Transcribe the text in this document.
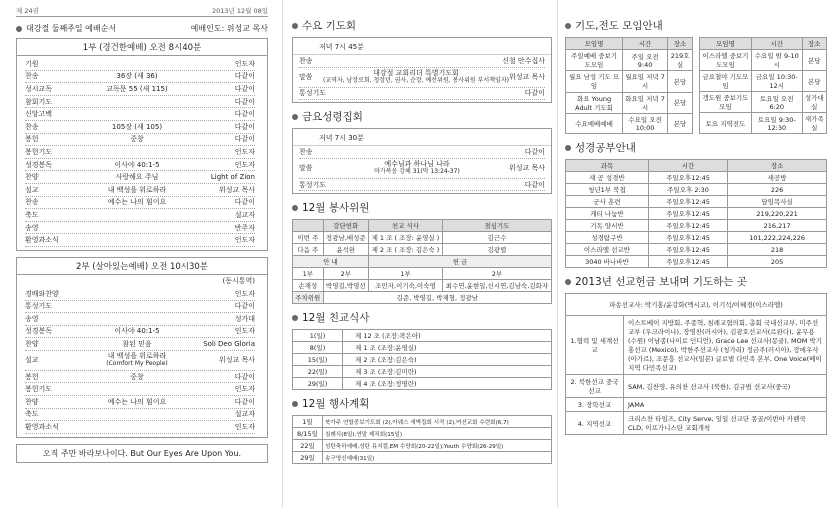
제 24권	2013년 12월 08일
대강절 둘째주일 예배순서	예배인도: 위성교 목사
1부 (경건한예배) 오전 8시40분
기원	인도자
찬송	36장 (새 36)	다같이
성시교독	교독문 55 (새 115)	다같이
참회기도	다같이
신앙고백	다같이
찬송	105장 (새 105)	다같이
봉헌	중창	다같이
봉헌기도	인도자
성경봉독	이사야 40:1-5	인도자
찬양	사랑해요 주님	Light of Zion
설교	내 백성을 위로하라	위성교 목사
찬송	예수는 나의 힘이요	다같이
축도	설교자
송영	반주자
환영과소식	인도자
2부 (살아있는예배) 오전 10시30분
(동시통역)
경배와찬양	인도자
통성기도	다같이
송영	성가대
성경봉독	이사야 40:1-5	인도자
찬양	참된 믿음	Soli Deo Gloria
설교	내 백성을 위로하라
(Comfort My People)	위성교 목사
봉헌	중창	다같이
봉헌기도	인도자
찬양	예수는 나의 힘이요	다같이
축도	설교자
환영과소식	인도자
오직 주만 바라보나이다. But Our Eyes Are Upon You.
수요 기도회
저녁 7시 45분
찬송	신철 안수집사
말씀	대강절 교회리더 특별기도회
(교역자, 남장로회, 청장년, 권사, 순장, 예산위원, 봉사위원 부서책임자) 위성교 목사
통성기도	다같이
금요성령집회
저녁 7시 30분
찬송	다같이
말씀	예수님과 하나님 나라
마가복음 강해 31(막 13:24-37)	위성교 목사
통성기도	다같이
12월 봉사위원
	강단헌화	친교 식사	점심기도
이번 주	정광남,배성준	제 1 조 ( 조장: 윤영실 )	김근수
다음 주	윤석완	제 2 조 ( 조장: 김은숙 )	김광렬
안 내		헌 금	
1부	2부	1부	2부
손재성	박영길,박영선	조민자,이기숙,이숙영	최수연,윤현일,신시연,김남숙,김화자
주차위원	김준, 박영길, 박재형, 정광남		
12월 친교식사
1(일)	제 12 조 (조장:곽은아)
8(일)	제 1 조 (조장:윤영실)
15(일)	제 2 조 (조장:김은숙)
22(일)	제 3 조 (조장:김미란)
29(일)	제 4 조 (조장:정명란)
12월 행사계획
1일	북가주 연합중보기도회 (2),아웨스 새벽집회 시작 (2),여선교회 수련회(6,7)
8/15일	침례식(8일),연말 제직회(15일)
22일	성탄축하예배,성탄 뮤지컬,EM 수양회(20-22일),Youth 수양회(26-29일)
29일	송구영신예배(31일)
기도,전도 모임안내
모임명	시간	장소
주일예배 중보기도모임	주일 오전 9:40	219호실
월요 남성 기도 모임	월요일 저녁 7시	본당
화요 Young Adult 기도회	화요일 저녁 7시	본당
수요예배예배	수요일 오전 10:00	본당
모임명	시간	장소
이스라엘 중보기도모임	수요일 밤 9-10시	본당
금요철야 기도모임	금요일 10:30-12시	본당
갱도원 중보기도모임	토요일 오전 6:20	성가대실
토요 지역전도	토요일 9:30-12:30	새가족실
성경공부안내
과목	시간	장소
새 공 성경반	주일오후12:45	새공방
청년1부 북첩	주일오후 2:30	226
군사 훈련	주일오후12:45	담임목사실
캐티 나눔반	주일오후12:45	219,220,221
기독 양서반	주일오후12:45	216,217
성경탐구반	주일오후12:45	101,222,224,226
이스라엘 선교반	주일오후12:45	218
3040 바나바반	주일오후12:45	205
2013년 선교헌금 보내며 기도하는 곳
파송선교사: 박기홍/윤강화(멕시코), 이기석/이혜경(이스라엘)	
1.협력 및 세계선교	이스트베이 지방회, 주종혁, 침례교협의회, 총회 국내선교부, 미주선교부 (우크라이나), 장영찬(러시아), 김광호선교사(르완다), 윤무용(수원) 이남종(나이로 인디언), Grace Lee 선교사(몽골), MOM 박기홍선교 (Mexico), 박한주선교사 (청가리) 정금주(러시아), 장애우사(아가르), 조문흥 선교사(일본) 글로벌 다민족 본부, One Voice(베이지역 다민족선교)
2. 북한선교 중국선교	SAM, 김찬영, 유의찬 선교사 (북한), 김규범 선교사(중국)
3. 장학선교	JAMA
4. 지역선교	크리스찬 타임즈, City Serve, 일일 선교단 몽골/이번아 카펜쿡 CLD, 이프가니스탄 교회개척
